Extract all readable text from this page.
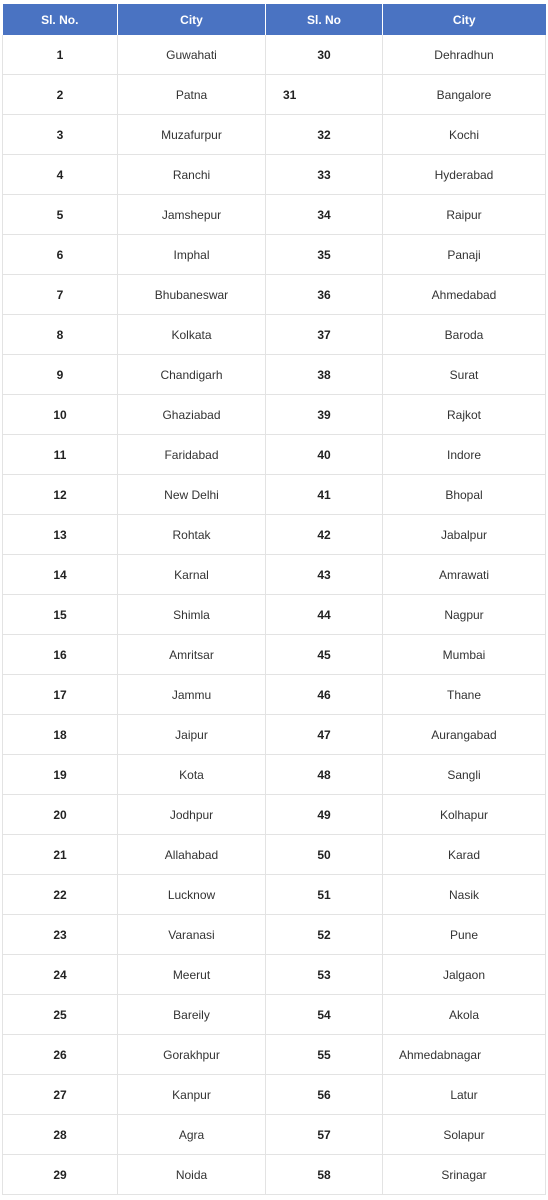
Sl. No.	City	Sl. No	City
1	Guwahati	30	Dehradhun
2	Patna	31	Bangalore
3	Muzafurpur	32	Kochi
4	Ranchi	33	Hyderabad
5	Jamshepur	34	Raipur
6	Imphal	35	Panaji
7	Bhubaneswar	36	Ahmedabad
8	Kolkata	37	Baroda
9	Chandigarh	38	Surat
10	Ghaziabad	39	Rajkot
11	Faridabad	40	Indore
12	New Delhi	41	Bhopal
13	Rohtak	42	Jabalpur
14	Karnal	43	Amrawati
15	Shimla	44	Nagpur
16	Amritsar	45	Mumbai
17	Jammu	46	Thane
18	Jaipur	47	Aurangabad
19	Kota	48	Sangli
20	Jodhpur	49	Kolhapur
21	Allahabad	50	Karad
22	Lucknow	51	Nasik
23	Varanasi	52	Pune
24	Meerut	53	Jalgaon
25	Bareily	54	Akola
26	Gorakhpur	55	Ahmedabnagar
27	Kanpur	56	Latur
28	Agra	57	Solapur
29	Noida	58	Srinagar
